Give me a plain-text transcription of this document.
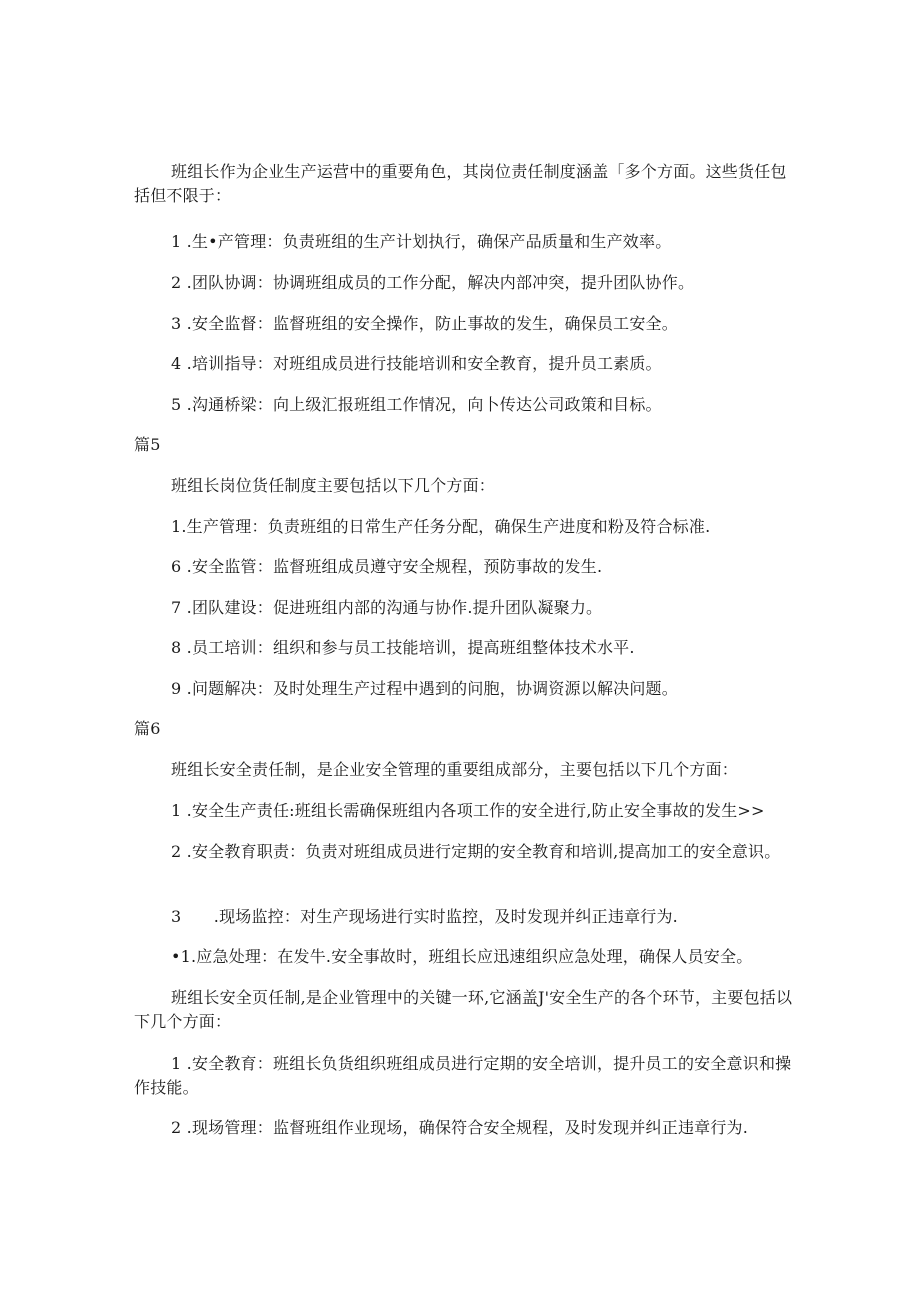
班组长作为企业生产运营中的重要角色，其岗位责任制度涵盖「多个方面。这些货任包括但不限于：
1 .生•产管理：负责班组的生产计划执行，确保产品质量和生产效率。
2 .团队协调：协调班组成员的工作分配，解决内部冲突，提升团队协作。
3 .安全监督：监督班组的安全操作，防止事故的发生，确保员工安全。
4 .培训指导：对班组成员进行技能培训和安全教育，提升员工素质。
5 .沟通桥梁：向上级汇报班组工作情况，向卜传达公司政策和目标。
篇5
班组长岗位货任制度主要包括以下几个方面：
1.生产管理：负责班组的日常生产任务分配，确保生产进度和粉及符合标准.
6 .安全监管：监督班组成员遵守安全规程，预防事故的发生.
7 .团队建设：促进班组内部的沟通与协作.提升团队凝聚力。
8 .员工培训：组织和参与员工技能培训，提高班组整体技术水平.
9 .问题解决：及时处理生产过程中遇到的问胞，协调资源以解决问题。
篇6
班组长安全责任制，是企业安全管理的重要组成部分，主要包括以下几个方面：
1 .安全生产责任:班组长需确保班组内各项工作的安全进行,防止安全事故的发生>>
2 .安全教育职责：负责对班组成员进行定期的安全教育和培训,提高加工的安全意识。
3　　.现场监控：对生产现场进行实时监控，及时发现并纠正违章行为.
•1.应急处理：在发牛.安全事故时，班组长应迅速组织应急处理，确保人员安全。
班组长安全页任制,是企业管理中的关键一环,它涵盖J'安全生产的各个环节，主要包括以下几个方面：
1 .安全教育：班组长负货组织班组成员进行定期的安全培训，提升员工的安全意识和操作技能。
2 .现场管理：监督班组作业现场，确保符合安全规程，及时发现并纠正违章行为.
